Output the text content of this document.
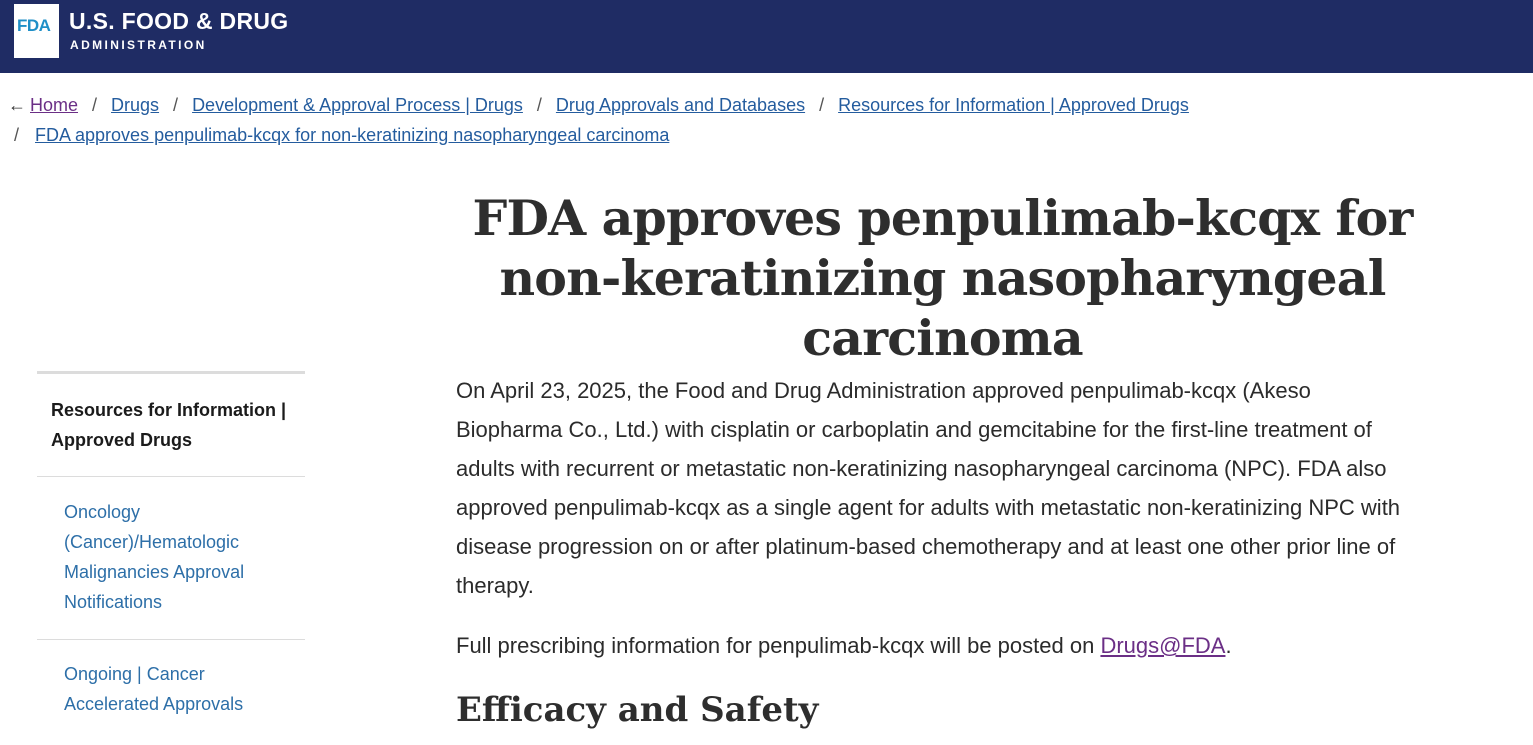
FDA U.S. FOOD & DRUG
ADMINISTRATION
← Home / Drugs / Development & Approval Process | Drugs / Drug Approvals and Databases / Resources for Information | Approved Drugs
/ FDA approves penpulimab-kcqx for non-keratinizing nasopharyngeal carcinoma
FDA approves penpulimab-kcqx for non-keratinizing nasopharyngeal carcinoma
Resources for Information | Approved Drugs
Oncology (Cancer)/Hematologic Malignancies Approval Notifications
Ongoing | Cancer Accelerated Approvals

On April 23, 2025, the Food and Drug Administration approved penpulimab-kcqx (Akeso Biopharma Co., Ltd.) with cisplatin or carboplatin and gemcitabine for the first-line treatment of adults with recurrent or metastatic non-keratinizing nasopharyngeal carcinoma (NPC). FDA also approved penpulimab-kcqx as a single agent for adults with metastatic non-keratinizing NPC with disease progression on or after platinum-based chemotherapy and at least one other prior line of therapy.

Full prescribing information for penpulimab-kcqx will be posted on Drugs@FDA.

Efficacy and Safety
